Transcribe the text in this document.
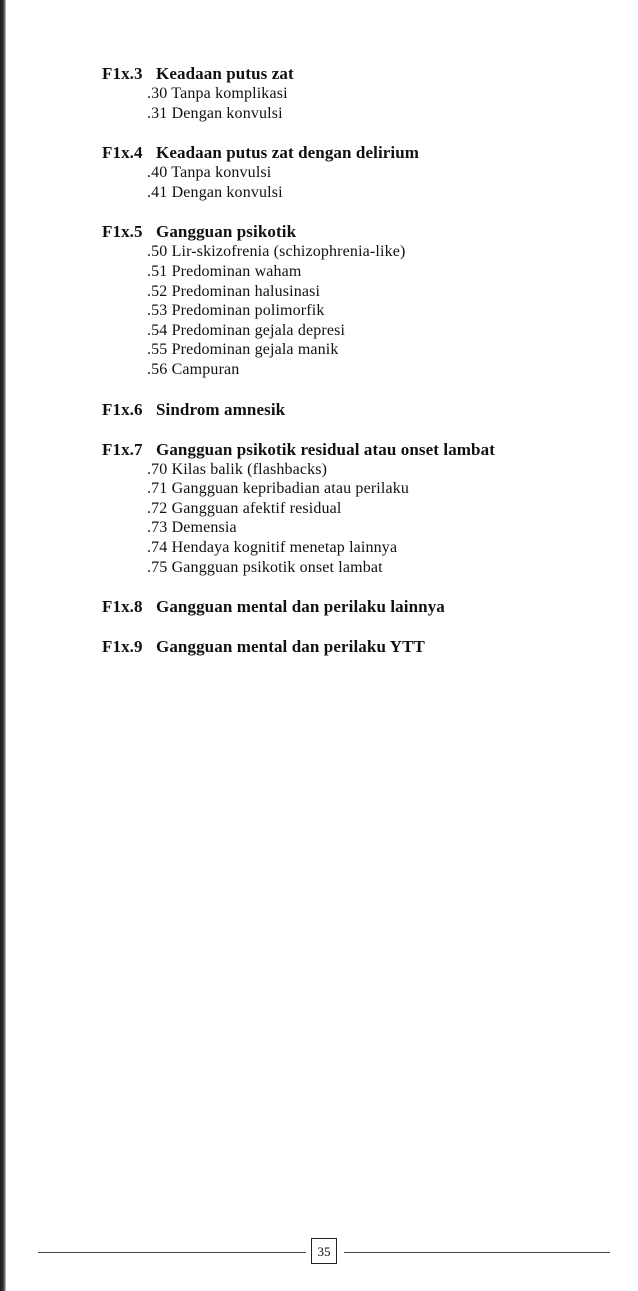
F1x.3 Keadaan putus zat
.30 Tanpa komplikasi
.31 Dengan konvulsi
F1x.4 Keadaan putus zat dengan delirium
.40 Tanpa konvulsi
.41 Dengan konvulsi
F1x.5 Gangguan psikotik
.50 Lir-skizofrenia (schizophrenia-like)
.51 Predominan waham
.52 Predominan halusinasi
.53 Predominan polimorfik
.54 Predominan gejala depresi
.55 Predominan gejala manik
.56 Campuran
F1x.6 Sindrom amnesik
F1x.7 Gangguan psikotik residual atau onset lambat
.70 Kilas balik (flashbacks)
.71 Gangguan kepribadian atau perilaku
.72 Gangguan afektif residual
.73 Demensia
.74 Hendaya kognitif menetap lainnya
.75 Gangguan psikotik onset lambat
F1x.8 Gangguan mental dan perilaku lainnya
F1x.9 Gangguan mental dan perilaku YTT
35
